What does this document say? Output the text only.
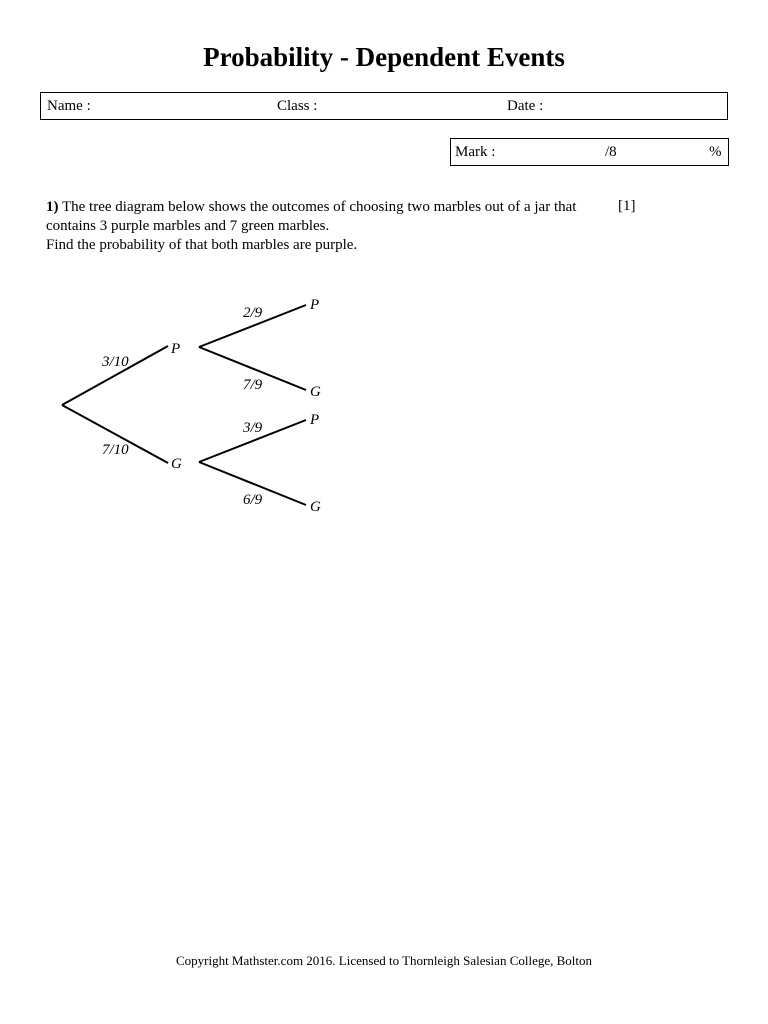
Probability - Dependent Events
Name :	Class :	Date :
Mark :	/8	%
1) The tree diagram below shows the outcomes of choosing two marbles out of a jar that
contains 3 purple marbles and 7 green marbles.
Find the probability of that both marbles are purple.
[1]
3/10
7/10
P
G
2/9
7/9
P
G
3/9
6/9
P
G
Copyright Mathster.com 2016. Licensed to Thornleigh Salesian College, Bolton
